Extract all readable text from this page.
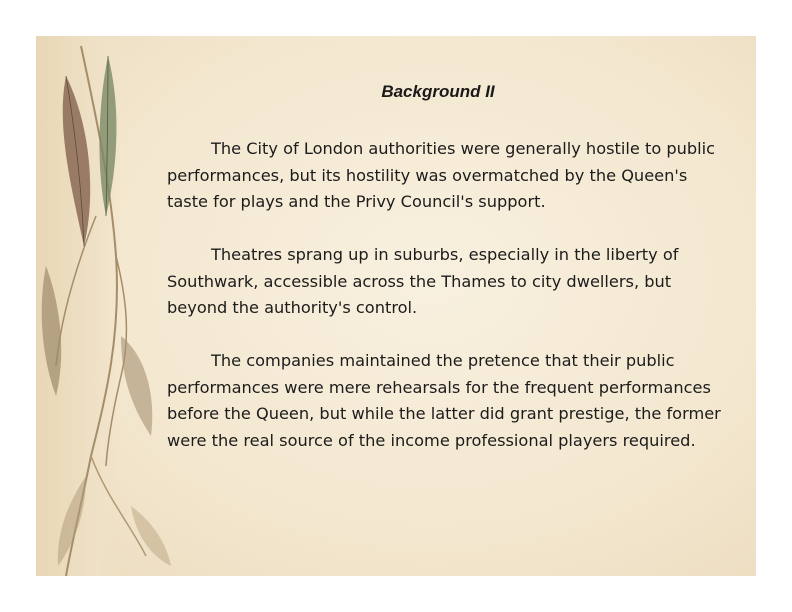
Background II

The City of London authorities were generally hostile to public performances, but its hostility was overmatched by the Queen's taste for plays and the Privy Council's support.

Theatres sprang up in suburbs, especially in the liberty of Southwark, accessible across the Thames to city dwellers, but beyond the authority's control.

The companies maintained the pretence that their public performances were mere rehearsals for the frequent performances before the Queen, but while the latter did grant prestige, the former were the real source of the income professional players required.
